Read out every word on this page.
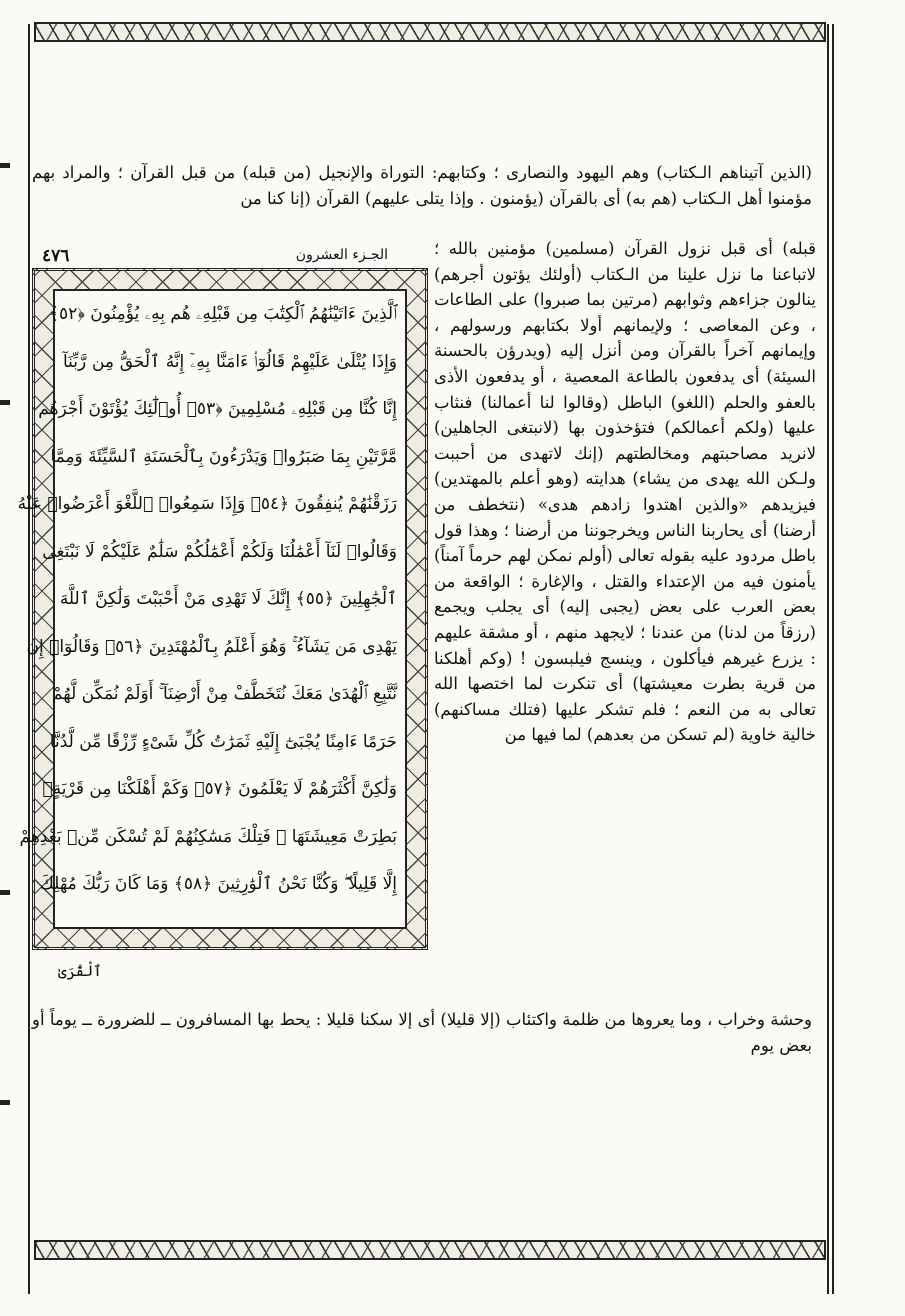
(الذين آتيناهم الـكتاب) وهم اليهود والنصارى ؛ وكتابهم: التوراة والإنجيل (من قبله) من قبل القرآن ؛ والمراد بهم مؤمنوا أهل الـكتاب (هم به) أى بالقرآن (يؤمنون . وإذا يتلى عليهم) القرآن (إنا كنا من

قبله) أى قبل نزول القرآن (مسلمين) مؤمنين بالله ؛ لاتباعنا ما نزل علينا من الـكتاب (أولئك يؤتون أجرهم) ينالون جزاءهم وثوابهم (مرتين بما صبروا) على الطاعات ، وعن المعاصى ؛ ولإيمانهم أولا بكتابهم ورسولهم ، وإيمانهم آخراً بالقرآن ومن أنزل إليه (ويدرؤن بالحسنة السيئة) أى يدفعون بالطاعة المعصية ، أو يدفعون الأذى بالعفو والحلم (اللغو) الباطل (وقالوا لنا أعمالنا) فنثاب عليها (ولكم أعمالكم) فتؤخذون بها (لانبتغى الجاهلين) لانريد مصاحبتهم ومخالطتهم (إنك لاتهدى من أحببت ولـكن الله يهدى من يشاء) هدايته (وهو أعلم بالمهتدين) فيزيدهم «والذين اهتدوا زادهم هدى» (نتخطف من أرضنا) أى يحاربنا الناس ويخرجوننا من أرضنا ؛ وهذا قول باطل مردود عليه بقوله تعالى (أولم نمكن لهم حرماً آمناً) يأمنون فيه من الإعتداء والقتل ، والإغارة ؛ الواقعة من بعض العرب على بعض (يجبى إليه) أى يجلب ويجمع (رزقاً من لدنا) من عندنا ؛ لايجهد منهم ، أو مشقة عليهم : يزرع غيرهم فيأكلون ، وينسج فيلبسون ! (وكم أهلكنا من قرية بطرت معيشتها) أى تنكرت لما اختصها الله تعالى به من النعم ؛ فلم تشكر عليها (فتلك مساكنهم) خالية خاوية (لم تسكن من بعدهم) لما فيها من

٤٧٦	الجـزء العشرون
ٱلَّذِينَ ءَاتَيْنَٰهُمُ ٱلْكِتَٰبَ مِن قَبْلِهِۦ هُم بِهِۦ يُؤْمِنُونَ ﴿٥٢﴾
وَإِذَا يُتْلَىٰ عَلَيْهِمْ قَالُوٓا۟ ءَامَنَّا بِهِۦٓ إِنَّهُ ٱلْحَقُّ مِن رَّبِّنَآ
إِنَّا كُنَّا مِن قَبْلِهِۦ مُسْلِمِينَ ﴿٥٣﴾ أُو۟لَٰٓئِكَ يُؤْتَوْنَ أَجْرَهُم
مَّرَّتَيْنِ بِمَا صَبَرُوا۟ وَيَدْرَءُونَ بِٱلْحَسَنَةِ ٱلسَّيِّئَةَ وَمِمَّا
رَزَقْنَٰهُمْ يُنفِقُونَ ﴿٥٤﴾ وَإِذَا سَمِعُوا۟ ٱللَّغْوَ أَعْرَضُوا۟ عَنْهُ
وَقَالُوا۟ لَنَآ أَعْمَٰلُنَا وَلَكُمْ أَعْمَٰلُكُمْ سَلَٰمٌ عَلَيْكُمْ لَا نَبْتَغِى
ٱلْجَٰهِلِينَ ﴿٥٥﴾ إِنَّكَ لَا تَهْدِى مَنْ أَحْبَبْتَ وَلَٰكِنَّ ٱللَّهَ
يَهْدِى مَن يَشَآءُ ۚ وَهُوَ أَعْلَمُ بِٱلْمُهْتَدِينَ ﴿٥٦﴾ وَقَالُوٓا۟ إِن
نَّتَّبِعِ ٱلْهُدَىٰ مَعَكَ نُتَخَطَّفْ مِنْ أَرْضِنَآ ۚ أَوَلَمْ نُمَكِّن لَّهُمْ
حَرَمًا ءَامِنًا يُجْبَىٰٓ إِلَيْهِ ثَمَرَٰتُ كُلِّ شَىْءٍ رِّزْقًا مِّن لَّدُنَّا
وَلَٰكِنَّ أَكْثَرَهُمْ لَا يَعْلَمُونَ ﴿٥٧﴾ وَكَمْ أَهْلَكْنَا مِن قَرْيَةٍۭ
بَطِرَتْ مَعِيشَتَهَا ۖ فَتِلْكَ مَسَٰكِنُهُمْ لَمْ تُسْكَن مِّنۢ بَعْدِهِمْ
إِلَّا قَلِيلًا ۖ وَكُنَّا نَحْنُ ٱلْوَٰرِثِينَ ﴿٥٨﴾ وَمَا كَانَ رَبُّكَ مُهْلِكَ
ٱلْقُرَىٰ

وحشة وخراب ، وما يعروها من ظلمة واكتئاب (إلا قليلا) أى إلا سكنا قليلا : يحط بها المسافرون ــ للضرورة ــ يوماً أو بعض يوم
